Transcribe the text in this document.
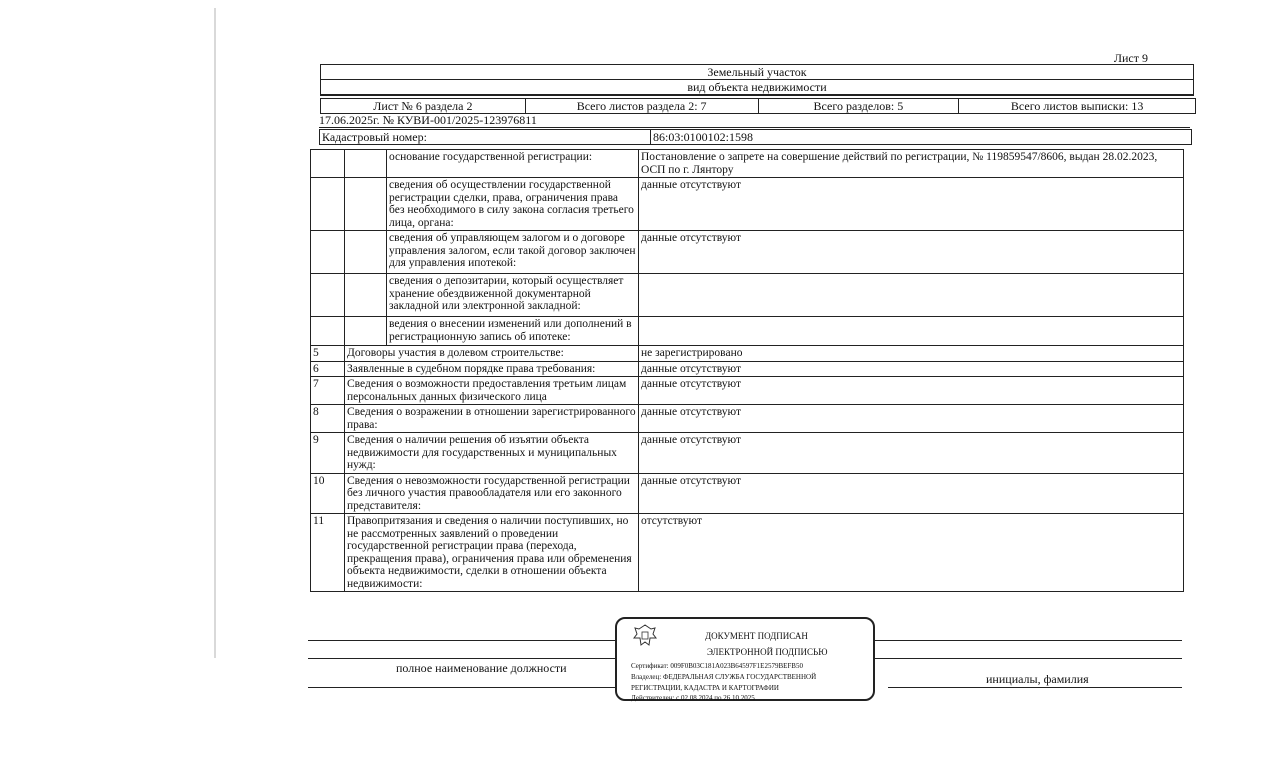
Лист 9
Земельный участок
вид объекта недвижимости
Лист № 6 раздела 2	Всего листов раздела 2: 7	Всего разделов: 5	Всего листов выписки: 13
17.06.2025г. № КУВИ-001/2025-123976811
Кадастровый номер:	86:03:0100102:1598
		основание государственной регистрации:	Постановление о запрете на совершение действий по регистрации, № 119859547/8606, выдан 28.02.2023, ОСП по г. Лянтору
		сведения об осуществлении государственной регистрации сделки, права, ограничения права без необходимого в силу закона согласия третьего лица, органа:	данные отсутствуют
		сведения об управляющем залогом и о договоре управления залогом, если такой договор заключен для управления ипотекой:	данные отсутствуют
		сведения о депозитарии, который осуществляет хранение обездвиженной документарной закладной или электронной закладной:	
		ведения о внесении изменений или дополнений в регистрационную запись об ипотеке:	
5	Договоры участия в долевом строительстве:		не зарегистрировано
6	Заявленные в судебном порядке права требования:		данные отсутствуют
7	Сведения о возможности предоставления третьим лицам персональных данных физического лица		данные отсутствуют
8	Сведения о возражении в отношении зарегистрированного права:		данные отсутствуют
9	Сведения о наличии решения об изъятии объекта недвижимости для государственных и муниципальных нужд:		данные отсутствуют
10	Сведения о невозможности государственной регистрации без личного участия правообладателя или его законного представителя:		данные отсутствуют
11	Правопритязания и сведения о наличии поступивших, но не рассмотренных заявлений о проведении государственной регистрации права (перехода, прекращения права), ограничения права или обременения объекта недвижимости, сделки в отношении объекта недвижимости:		отсутствуют
полное наименование должности
инициалы, фамилия
ДОКУМЕНТ ПОДПИСАН
ЭЛЕКТРОННОЙ ПОДПИСЬЮ
Сертификат: 009F0B03C181A023B64597F1E2579BEFB50
Владелец: ФЕДЕРАЛЬНАЯ СЛУЖБА ГОСУДАРСТВЕННОЙ
РЕГИСТРАЦИИ, КАДАСТРА И КАРТОГРАФИИ
Действителен: с 02.08.2024 по 26.10.2025
